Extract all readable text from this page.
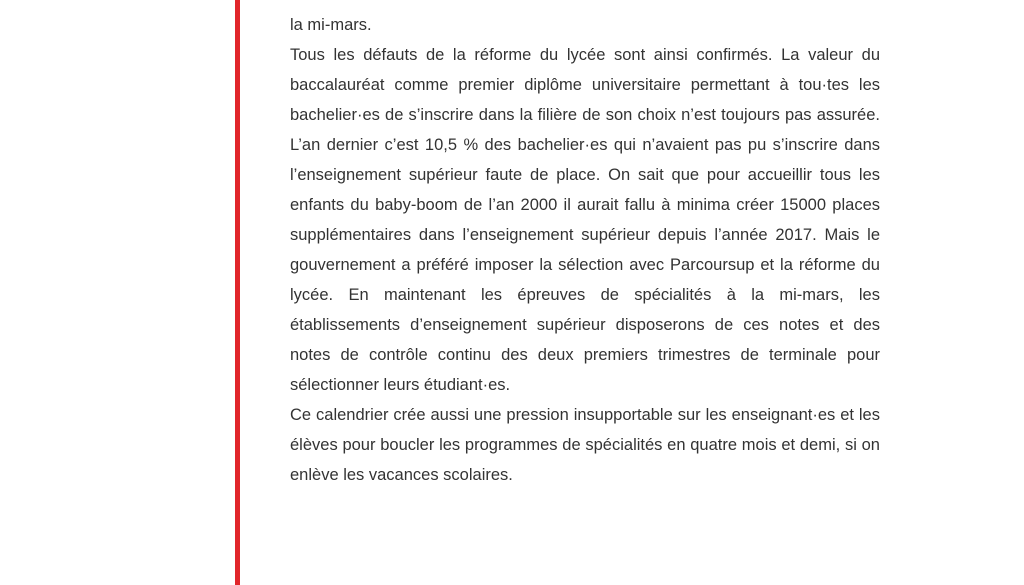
la mi-mars.

Tous les défauts de la réforme du lycée sont ainsi confirmés. La valeur du baccalauréat comme premier diplôme universitaire permettant à tou·tes les bachelier·es de s’inscrire dans la filière de son choix n’est toujours pas assurée. L’an dernier c’est 10,5 % des bachelier·es qui n’avaient pas pu s’inscrire dans l’enseignement supérieur faute de place. On sait que pour accueillir tous les enfants du baby-boom de l’an 2000 il aurait fallu à minima créer 15000 places supplémentaires dans l’enseignement supérieur depuis l’année 2017. Mais le gouvernement a préféré imposer la sélection avec Parcoursup et la réforme du lycée. En maintenant les épreuves de spécialités à la mi-mars, les établissements d’enseignement supérieur disposerons de ces notes et des notes de contrôle continu des deux premiers trimestres de terminale pour sélectionner leurs étudiant·es.

Ce calendrier crée aussi une pression insupportable sur les enseignant·es et les élèves pour boucler les programmes de spécialités en quatre mois et demi, si on enlève les vacances scolaires.
